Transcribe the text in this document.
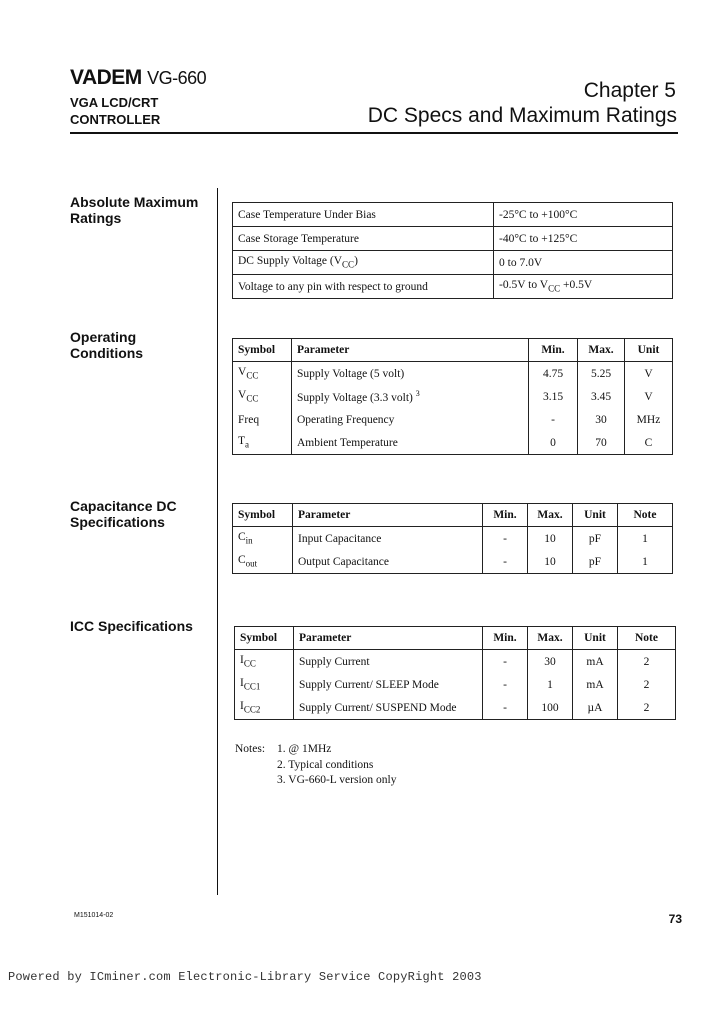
VADEM VG-660
VGA LCD/CRT
CONTROLLER
Chapter 5
DC Specs and Maximum Ratings
Absolute Maximum
Ratings
Operating
Conditions
Capacitance DC
Specifications
ICC Specifications
Case Temperature Under Bias	-25°C to +100°C
Case Storage Temperature	-40°C to +125°C
DC Supply Voltage $(V_{CC})$	0 to 7.0V
Voltage to any pin with respect to ground	-0.5V to $V_{CC} +0.5V$
Symbol	Parameter	Min.	Max.	Unit
$V_{CC}$	Supply Voltage (5 volt)	4.75	5.25	V
$V_{CC}$	Supply Voltage (3.3 volt) $^3$	3.15	3.45	V
Freq	Operating Frequency	-	30	MHz
$T_a$	Ambient Temperature	0	70	C
Symbol	Parameter	Min.	Max.	Unit	Note
$C_{in}$	Input Capacitance	-	10	pF	1
$C_{out}$	Output Capacitance	-	10	pF	1
Symbol	Parameter	Min.	Max.	Unit	Note
$I_{CC}$	Supply Current	-	30	mA	2
$I_{CC1}$	Supply Current/ SLEEP Mode	-	1	mA	2
$I_{CC2}$	Supply Current/ SUSPEND Mode	-	100	µA	2
Notes:	1. @ 1MHz
2. Typical conditions
3. VG-660-L version only
M151014-02	73
Powered by ICminer.com Electronic-Library Service CopyRight 2003
